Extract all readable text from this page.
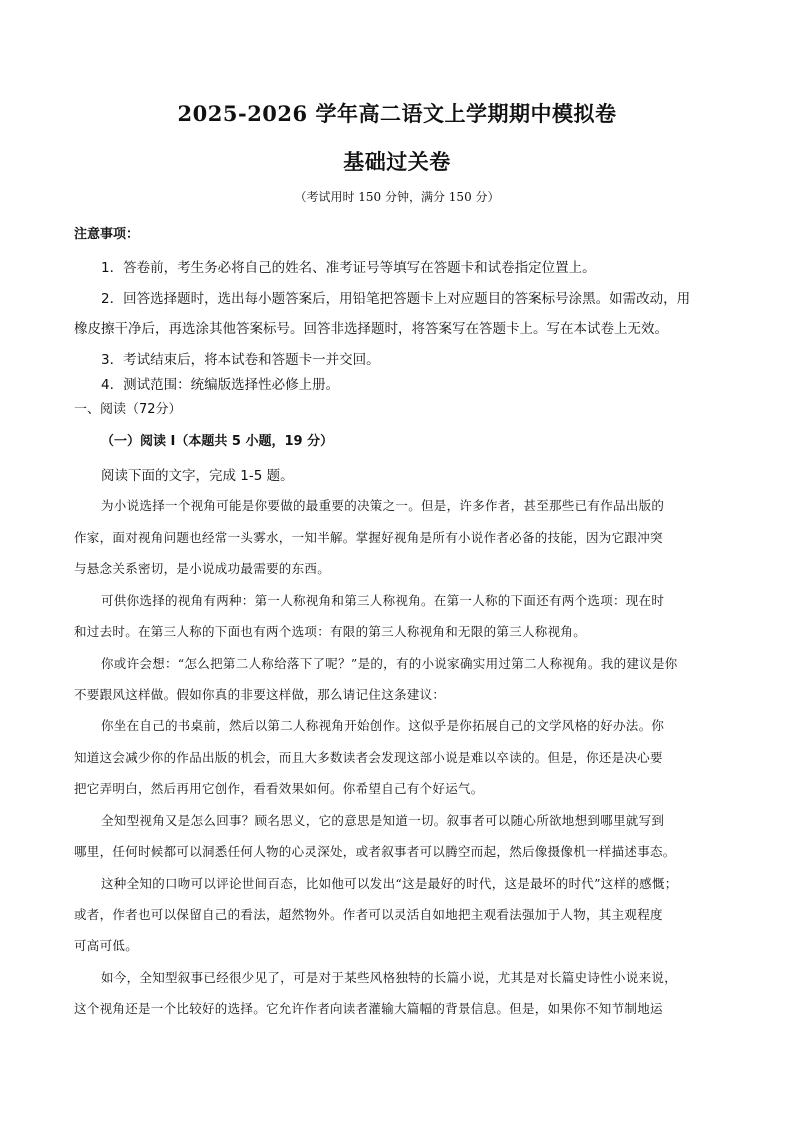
2025-2026 学年高二语文上学期期中模拟卷
基础过关卷
（考试用时 150 分钟，满分 150 分）
注意事项：
1．答卷前，考生务必将自己的姓名、准考证号等填写在答题卡和试卷指定位置上。
2．回答选择题时，选出每小题答案后，用铅笔把答题卡上对应题目的答案标号涂黑。如需改动，用
橡皮擦干净后，再选涂其他答案标号。回答非选择题时，将答案写在答题卡上。写在本试卷上无效。
3．考试结束后，将本试卷和答题卡一并交回。
4．测试范围：统编版选择性必修上册。
一、阅读（72分）
（一）阅读 I（本题共 5 小题，19 分）
阅读下面的文字，完成 1-5 题。
为小说选择一个视角可能是你要做的最重要的决策之一。但是，许多作者，甚至那些已有作品出版的
作家，面对视角问题也经常一头雾水，一知半解。掌握好视角是所有小说作者必备的技能，因为它跟冲突
与悬念关系密切，是小说成功最需要的东西。
可供你选择的视角有两种：第一人称视角和第三人称视角。在第一人称的下面还有两个选项：现在时
和过去时。在第三人称的下面也有两个选项：有限的第三人称视角和无限的第三人称视角。
你或许会想：“怎么把第二人称给落下了呢？”是的，有的小说家确实用过第二人称视角。我的建议是你
不要跟风这样做。假如你真的非要这样做，那么请记住这条建议：
你坐在自己的书桌前，然后以第二人称视角开始创作。这似乎是你拓展自己的文学风格的好办法。你
知道这会减少你的作品出版的机会，而且大多数读者会发现这部小说是难以卒读的。但是，你还是决心要
把它弄明白，然后再用它创作，看看效果如何。你希望自己有个好运气。
全知型视角又是怎么回事？顾名思义，它的意思是知道一切。叙事者可以随心所欲地想到哪里就写到
哪里，任何时候都可以洞悉任何人物的心灵深处，或者叙事者可以腾空而起，然后像摄像机一样描述事态。
这种全知的口吻可以评论世间百态，比如他可以发出“这是最好的时代，这是最坏的时代”这样的感慨；
或者，作者也可以保留自己的看法，超然物外。作者可以灵活自如地把主观看法强加于人物，其主观程度
可高可低。
如今，全知型叙事已经很少见了，可是对于某些风格独特的长篇小说，尤其是对长篇史诗性小说来说，
这个视角还是一个比较好的选择。它允许作者向读者灌输大篇幅的背景信息。但是，如果你不知节制地运
